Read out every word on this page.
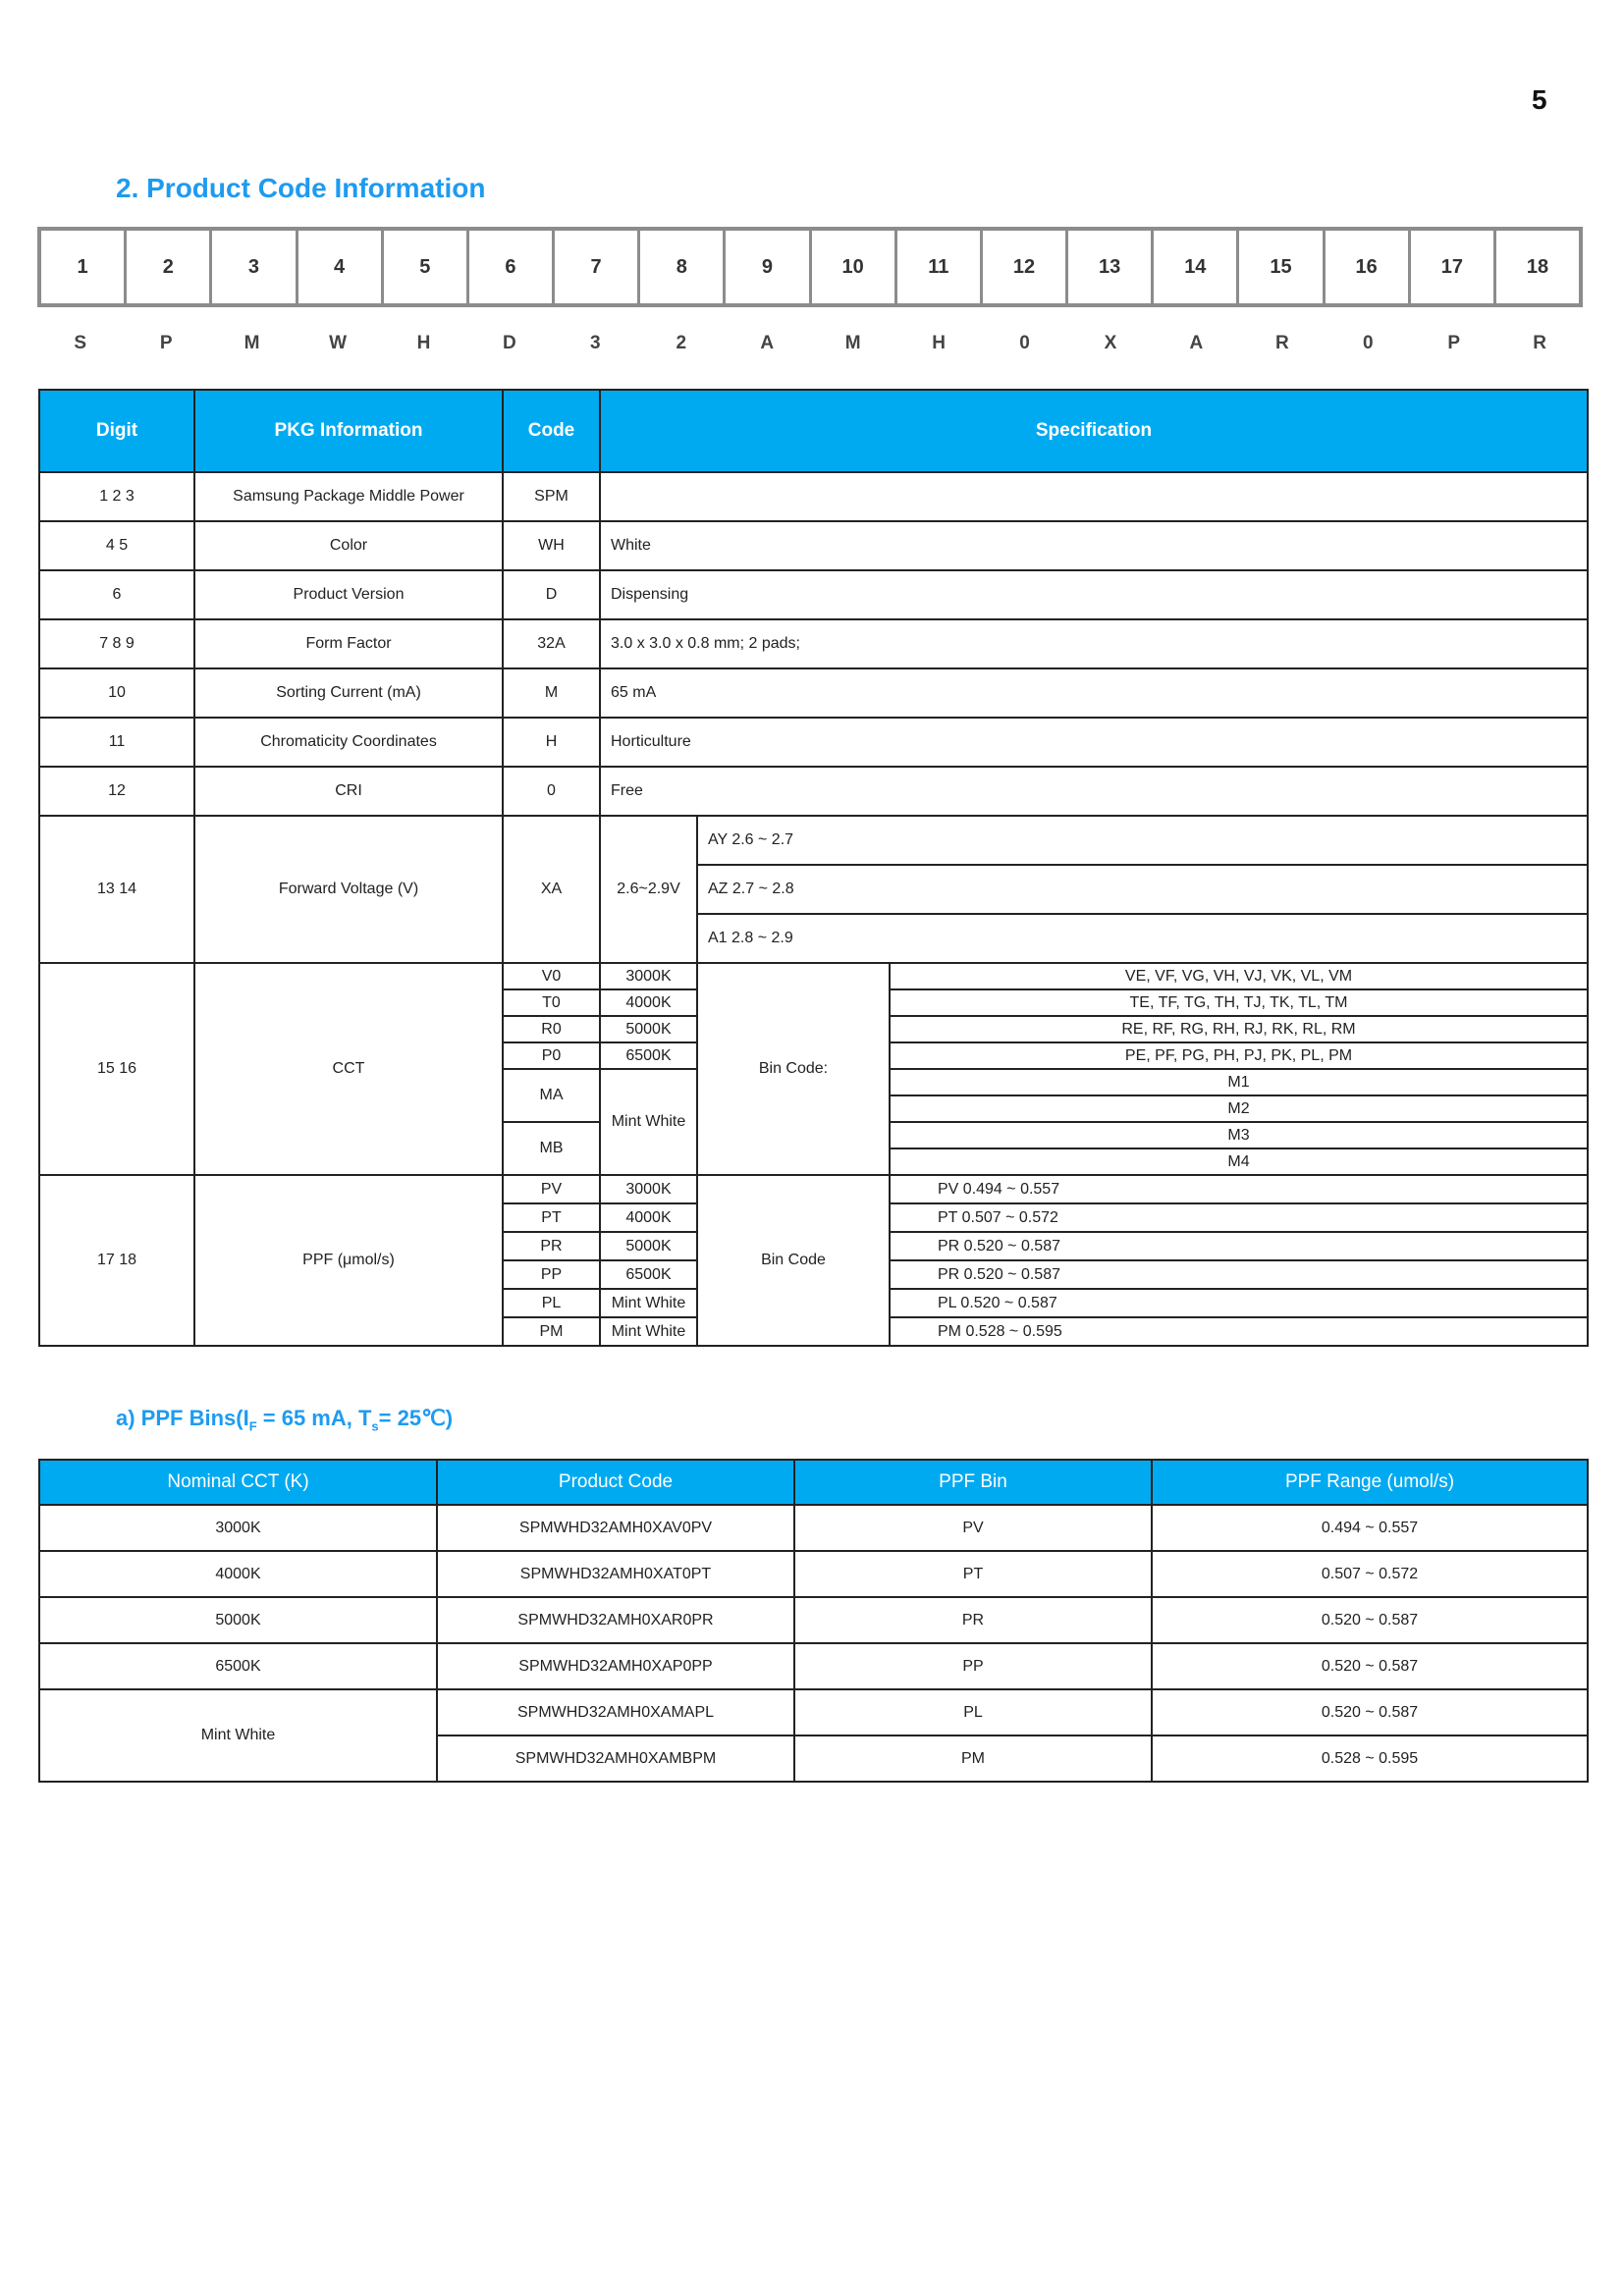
5
2. Product Code Information
1	2	3	4	5	6	7	8	9	10	11	12	13	14	15	16	17	18
S	P	M	W	H	D	3	2	A	M	H	0	X	A	R	0	P	R
Digit	PKG Information	Code	Specification		
1 2 3	Samsung Package Middle Power	SPM			
4 5	Color	WH	White		
6	Product Version	D	Dispensing		
7 8 9	Form Factor	32A	3.0 x 3.0 x 0.8 mm; 2 pads;		
10	Sorting Current (mA)	M	65 mA		
11	Chromaticity Coordinates	H	Horticulture		
12	CRI	0	Free		
13 14	Forward Voltage (V)	XA	2.6~2.9V	AY 2.6 ~ 2.7	
				AZ 2.7 ~ 2.8	
				A1 2.8 ~ 2.9	
15 16	CCT	V0	3000K	Bin Code:	VE, VF, VG, VH, VJ, VK, VL, VM
		T0	4000K		TE, TF, TG, TH, TJ, TK, TL, TM
		R0	5000K		RE, RF, RG, RH, RJ, RK, RL, RM
		P0	6500K		PE, PF, PG, PH, PJ, PK, PL, PM
		MA	Mint White		M1
					M2
		MB			M3
					M4
17 18	PPF (μmol/s)	PV	3000K	Bin Code	PV 0.494 ~ 0.557
		PT	4000K		PT 0.507 ~ 0.572
		PR	5000K		PR 0.520 ~ 0.587
		PP	6500K		PR 0.520 ~ 0.587
		PL	Mint White		PL 0.520 ~ 0.587
		PM	Mint White		PM 0.528 ~ 0.595
a) PPF $Bins(I_F = 65$ mA, $T_s=$ 25℃)
Nominal CCT (K)	Product Code	PPF Bin	PPF Range (umol/s)
3000K	SPMWHD32AMH0XAV0PV	PV	0.494 ~ 0.557
4000K	SPMWHD32AMH0XAT0PT	PT	0.507 ~ 0.572
5000K	SPMWHD32AMH0XAR0PR	PR	0.520 ~ 0.587
6500K	SPMWHD32AMH0XAP0PP	PP	0.520 ~ 0.587
Mint White	SPMWHD32AMH0XAMAPL	PL	0.520 ~ 0.587
	SPMWHD32AMH0XAMBPM	PM	0.528 ~ 0.595
